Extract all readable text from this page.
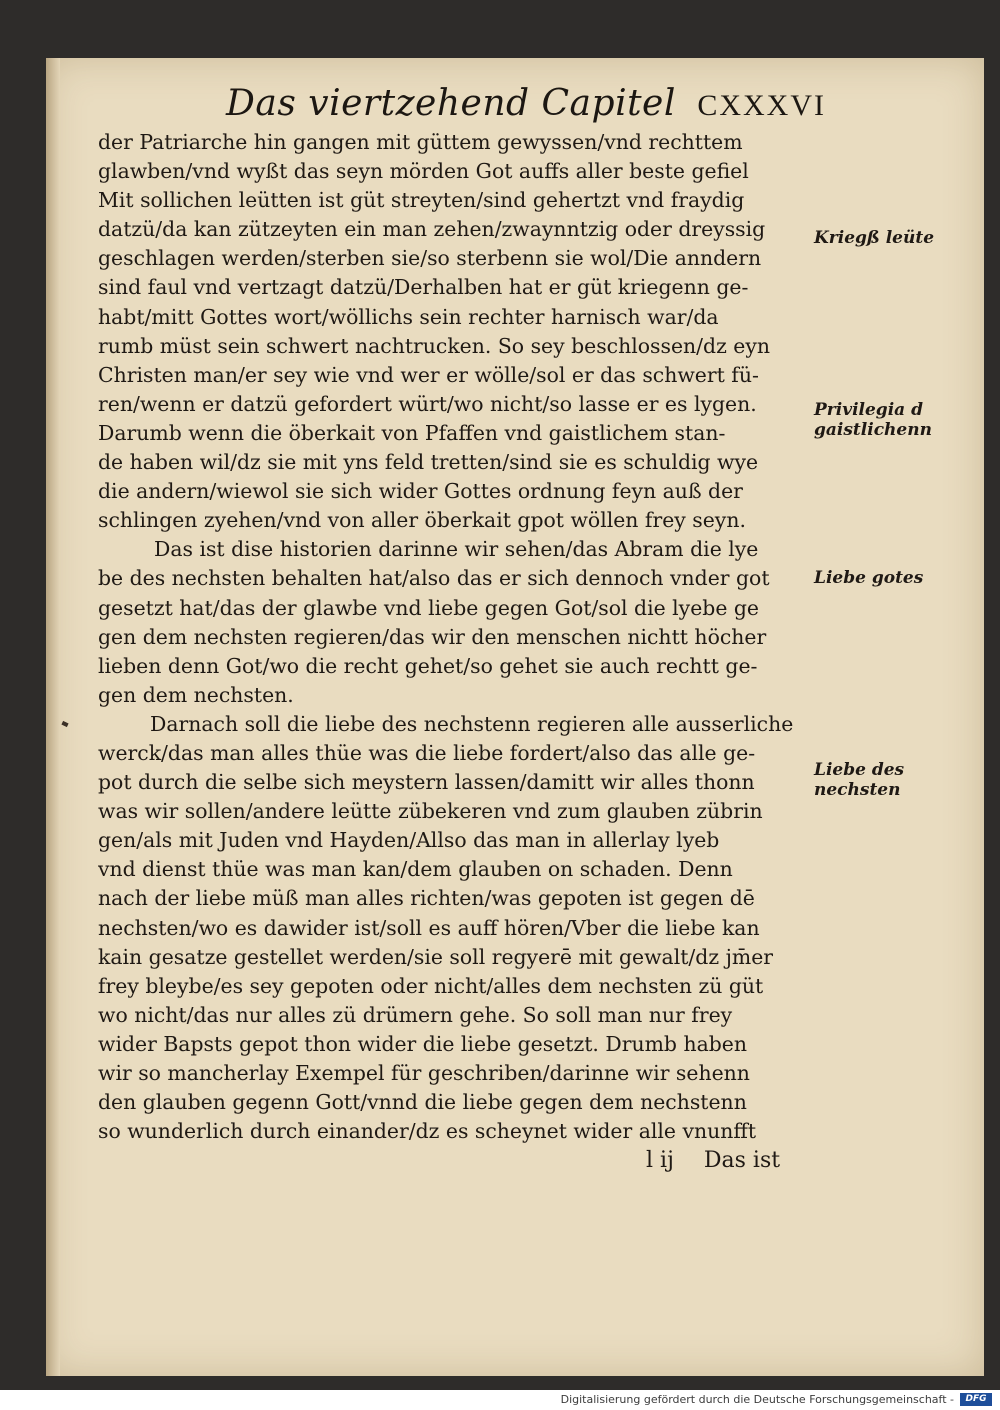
Das viertzehend Capitel CXXXVI
der Patriarche hin gangen mit güttem gewyssen/vnd rechttem
glawben/vnd wyßt das seyn mörden Got auffs aller beste gefiel
Mit sollichen leütten ist güt streyten/sind gehertzt vnd fraydig
datzü/da kan zützeyten ein man zehen/zwaynntzig oder dreyssig
geschlagen werden/sterben sie/so sterbenn sie wol/Die anndern
sind faul vnd vertzagt datzü/Derhalben hat er güt kriegenn ge-
habt/mitt Gottes wort/wöllichs sein rechter harnisch war/da
rumb müst sein schwert nachtrucken. So sey beschlossen/dz eyn
Christen man/er sey wie vnd wer er wölle/sol er das schwert fü-
ren/wenn er datzü gefordert würt/wo nicht/so lasse er es lygen.
Darumb wenn die öberkait von Pfaffen vnd gaistlichem stan-
de haben wil/dz sie mit yns feld tretten/sind sie es schuldig wye
die andern/wiewol sie sich wider Gottes ordnung feyn auß der
schlingen zyehen/vnd von aller öberkait gpot wöllen frey seyn.
Das ist dise historien darinne wir sehen/das Abram die lye
be des nechsten behalten hat/also das er sich dennoch vnder got
gesetzt hat/das der glawbe vnd liebe gegen Got/sol die lyebe ge
gen dem nechsten regieren/das wir den menschen nichtt höcher
lieben denn Got/wo die recht gehet/so gehet sie auch rechtt ge-
gen dem nechsten.
Darnach soll die liebe des nechstenn regieren alle ausserliche
werck/das man alles thüe was die liebe fordert/also das alle ge-
pot durch die selbe sich meystern lassen/damitt wir alles thonn
was wir sollen/andere leütte zübekeren vnd zum glauben zübrin
gen/als mit Juden vnd Hayden/Allso das man in allerlay lyeb
vnd dienst thüe was man kan/dem glauben on schaden. Denn
nach der liebe müß man alles richten/was gepoten ist gegen dē
nechsten/wo es dawider ist/soll es auff hören/Vber die liebe kan
kain gesatze gestellet werden/sie soll regyerē mit gewalt/dz jm̄er
frey bleybe/es sey gepoten oder nicht/alles dem nechsten zü güt
wo nicht/das nur alles zü drümern gehe. So soll man nur frey
wider Bapsts gepot thon wider die liebe gesetzt. Drumb haben
wir so mancherlay Exempel für geschriben/darinne wir sehenn
den glauben gegenn Gott/vnnd die liebe gegen dem nechstenn
so wunderlich durch einander/dz es scheynet wider alle vnunfft
Kriegß leüte
Privilegia d gaistlichenn
Liebe gotes
Liebe des nechsten
l ij Das ist
Digitalisierung gefördert durch die Deutsche Forschungsgemeinschaft -	DFG
